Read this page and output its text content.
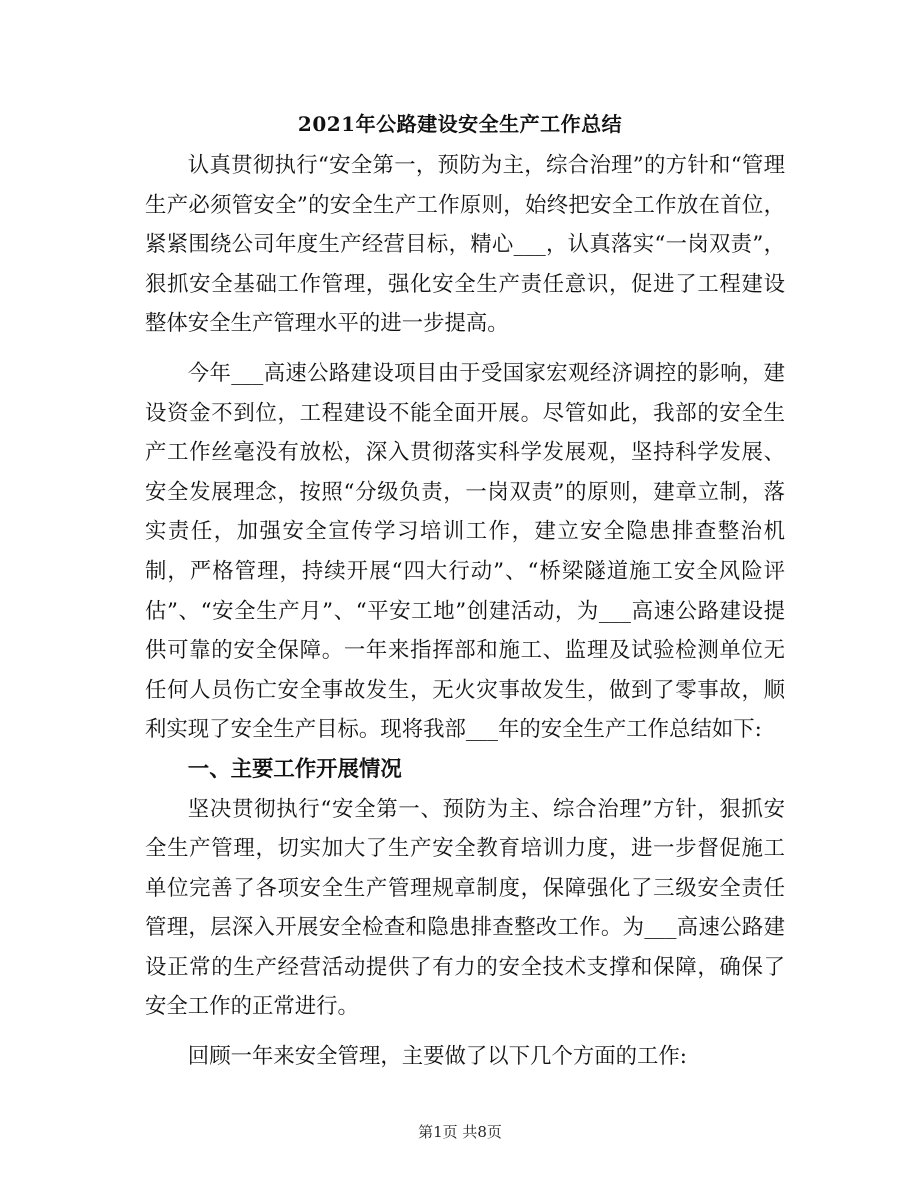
2021年公路建设安全生产工作总结

认真贯彻执行“安全第一，预防为主，综合治理”的方针和“管理生产必须管安全”的安全生产工作原则，始终把安全工作放在首位，紧紧围绕公司年度生产经营目标，精心___，认真落实“一岗双责”，狠抓安全基础工作管理，强化安全生产责任意识，促进了工程建设整体安全生产管理水平的进一步提高。

今年___高速公路建设项目由于受国家宏观经济调控的影响，建设资金不到位，工程建设不能全面开展。尽管如此，我部的安全生产工作丝毫没有放松，深入贯彻落实科学发展观，坚持科学发展、安全发展理念，按照“分级负责，一岗双责”的原则，建章立制，落实责任，加强安全宣传学习培训工作，建立安全隐患排查整治机制，严格管理，持续开展“四大行动”、“桥梁隧道施工安全风险评估”、“安全生产月”、“平安工地”创建活动，为___高速公路建设提供可靠的安全保障。一年来指挥部和施工、监理及试验检测单位无任何人员伤亡安全事故发生，无火灾事故发生，做到了零事故，顺利实现了安全生产目标。现将我部___年的安全生产工作总结如下:

一、主要工作开展情况

坚决贯彻执行“安全第一、预防为主、综合治理”方针，狠抓安全生产管理，切实加大了生产安全教育培训力度，进一步督促施工单位完善了各项安全生产管理规章制度，保障强化了三级安全责任管理，层深入开展安全检查和隐患排查整改工作。为___高速公路建设正常的生产经营活动提供了有力的安全技术支撑和保障，确保了安全工作的正常进行。

回顾一年来安全管理，主要做了以下几个方面的工作:

第1页 共8页
